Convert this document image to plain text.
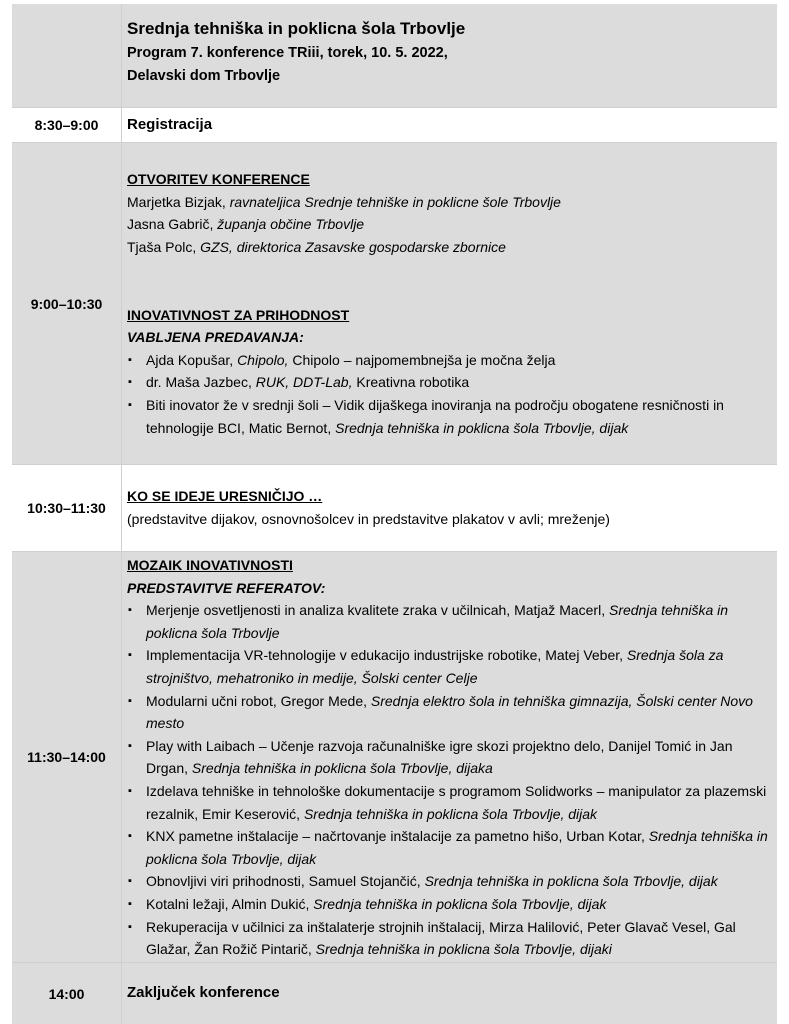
Srednja tehniška in poklicna šola Trbovlje
Program 7. konference TRiii, torek, 10. 5. 2022,
Delavski dom Trbovlje
8:30–9:00	Registracija
9:00–10:30
OTVORITEV KONFERENCE
Marjetka Bizjak, ravnateljica Srednje tehniške in poklicne šole Trbovlje
Jasna Gabrič, županja občine Trbovlje
Tjaša Polc, GZS, direktorica Zasavske gospodarske zbornice
INOVATIVNOST ZA PRIHODNOST
VABLJENA PREDAVANJA:
▪ Ajda Kopušar, Chipolo, Chipolo – najpomembnejša je močna želja
▪ dr. Maša Jazbec, RUK, DDT-Lab, Kreativna robotika
▪ Biti inovator že v srednji šoli – Vidik dijaškega inoviranja na področju obogatene resničnosti in tehnologije BCI, Matic Bernot, Srednja tehniška in poklicna šola Trbovlje, dijak
10:30–11:30
KO SE IDEJE URESNIČIJO …
(predstavitve dijakov, osnovnošolcev in predstavitve plakatov v avli; mreženje)
11:30–14:00
MOZAIK INOVATIVNOSTI
PREDSTAVITVE REFERATOV:
▪ Merjenje osvetljenosti in analiza kvalitete zraka v učilnicah, Matjaž Macerl, Srednja tehniška in poklicna šola Trbovlje
▪ Implementacija VR-tehnologije v edukacijo industrijske robotike, Matej Veber, Srednja šola za strojništvo, mehatroniko in medije, Šolski center Celje
▪ Modularni učni robot, Gregor Mede, Srednja elektro šola in tehniška gimnazija, Šolski center Novo mesto
▪ Play with Laibach – Učenje razvoja računalniške igre skozi projektno delo, Danijel Tomić in Jan Drgan, Srednja tehniška in poklicna šola Trbovlje, dijaka
▪ Izdelava tehniške in tehnološke dokumentacije s programom Solidworks – manipulator za plazemski rezalnik, Emir Keserović, Srednja tehniška in poklicna šola Trbovlje, dijak
▪ KNX pametne inštalacije – načrtovanje inštalacije za pametno hišo, Urban Kotar, Srednja tehniška in poklicna šola Trbovlje, dijak
▪ Obnovljivi viri prihodnosti, Samuel Stojančić, Srednja tehniška in poklicna šola Trbovlje, dijak
▪ Kotalni ležaji, Almin Dukić, Srednja tehniška in poklicna šola Trbovlje, dijak
▪ Rekuperacija v učilnici za inštalaterje strojnih inštalacij, Mirza Halilović, Peter Glavač Vesel, Gal Glažar, Žan Rožič Pintarič, Srednja tehniška in poklicna šola Trbovlje, dijaki
14:00	Zaključek konference
